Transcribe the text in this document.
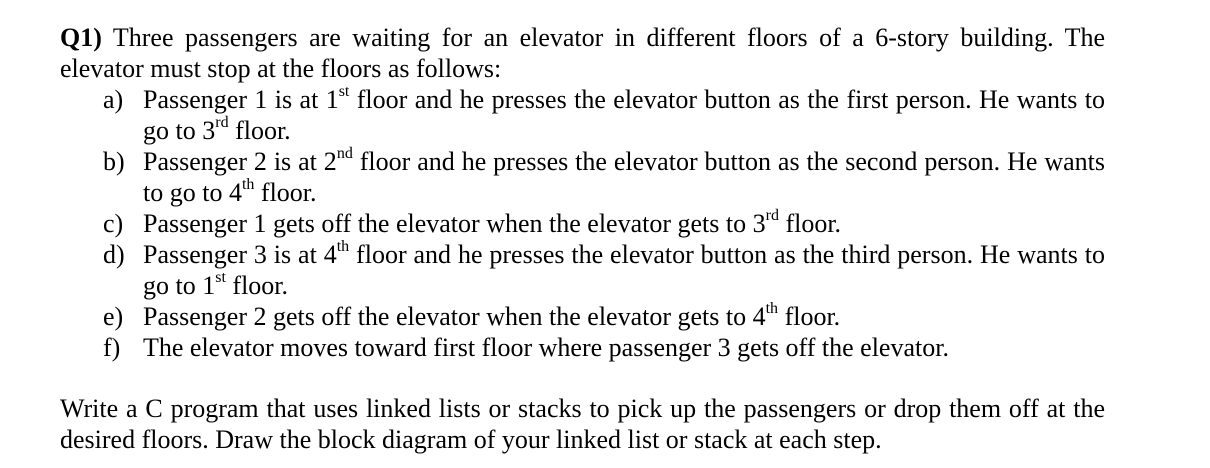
Q1) Three passengers are waiting for an elevator in different floors of a 6-story building. The elevator must stop at the floors as follows:

a) Passenger 1 is at 1st floor and he presses the elevator button as the first person. He wants to go to 3rd floor.
b) Passenger 2 is at 2nd floor and he presses the elevator button as the second person. He wants to go to 4th floor.
c) Passenger 1 gets off the elevator when the elevator gets to 3rd floor.
d) Passenger 3 is at 4th floor and he presses the elevator button as the third person. He wants to go to 1st floor.
e) Passenger 2 gets off the elevator when the elevator gets to 4th floor.
f) The elevator moves toward first floor where passenger 3 gets off the elevator.

Write a C program that uses linked lists or stacks to pick up the passengers or drop them off at the desired floors. Draw the block diagram of your linked list or stack at each step.
